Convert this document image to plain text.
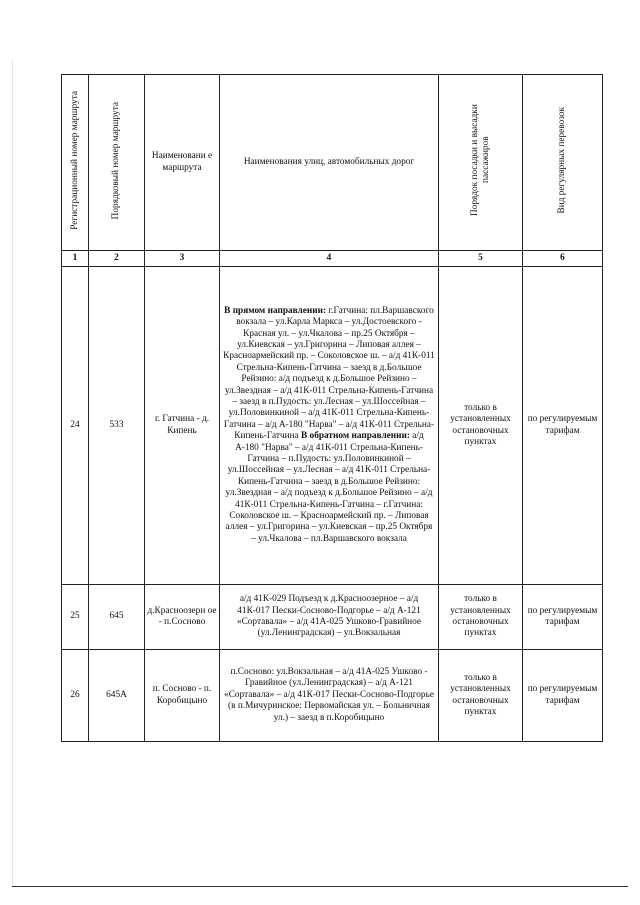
Регистрационный номер маршрута	Порядковый номер маршрута	Наименовани е маршрута	Наименования улиц, автомобильных дорог	Порядок посадки и высадки пассажиров	Вид регулярных перевозок
1	2	3	4	5	6
24	533	г. Гатчина - д. Кипень	В прямом направлении: г.Гатчина: пл.Варшавского вокзала – ул.Карла Маркса – ул.Достоевского - Красная ул. – ул.Чкалова – пр.25 Октября – ул.Киевская – ул.Григорина – Липовая аллея – Красноармейский пр. – Соколовское ш. – а/д 41К-011 Стрельна-Кипень-Гатчина – заезд в д.Большое Рейзино: а/д подъезд к д.Большое Рейзино – ул.Звездная – а/д 41К-011 Стрельна-Кипень-Гатчина – заезд в п.Пудость: ул.Лесная – ул.Шоссейная – ул.Половинкиной – а/д 41К-011 Стрельна-Кипень-Гатчина – а/д А-180 "Нарва" – а/д 41К-011 Стрельна-Кипень-Гатчина В обратном направлении: а/д А-180 "Нарва" – а/д 41К-011 Стрельна-Кипень-Гатчина – п.Пудость: ул.Половинкиной – ул.Шоссейная – ул.Лесная – а/д 41К-011 Стрельна-Кипень-Гатчина – заезд в д.Большое Рейзино: ул.Звездная – а/д подъезд к д.Большое Рейзино – а/д 41К-011 Стрельна-Кипень-Гатчина – г.Гатчина: Соколовское ш. – Красноармейский пр. – Липовая аллея – ул.Григорина – ул.Киевская – пр.25 Октября – ул.Чкалова – пл.Варшавского вокзала	только в установленных остановочных пунктах	по регулируемым тарифам
25	645	д.Красноозерн ое - п.Сосново	а/д 41К-029 Подъезд к д.Красноозерное – а/д 41К-017 Пески-Сосново-Подгорье – а/д А-121 «Сортавала» – а/д 41А-025 Ушково-Гравийное (ул.Ленинградская) – ул.Вокзальная	только в установленных остановочных пунктах	по регулируемым тарифам
26	645А	п. Сосново - п. Коробицыно	п.Сосново: ул.Вокзальная – а/д 41А-025 Ушково - Гравийное (ул.Ленинградская) – а/д А-121 «Сортавала» – а/д 41К-017 Пески-Сосново-Подгорье (в п.Мичуринское: Первомайская ул. – Больничная ул.) – заезд в п.Коробицыно	только в установленных остановочных пунктах	по регулируемым тарифам
